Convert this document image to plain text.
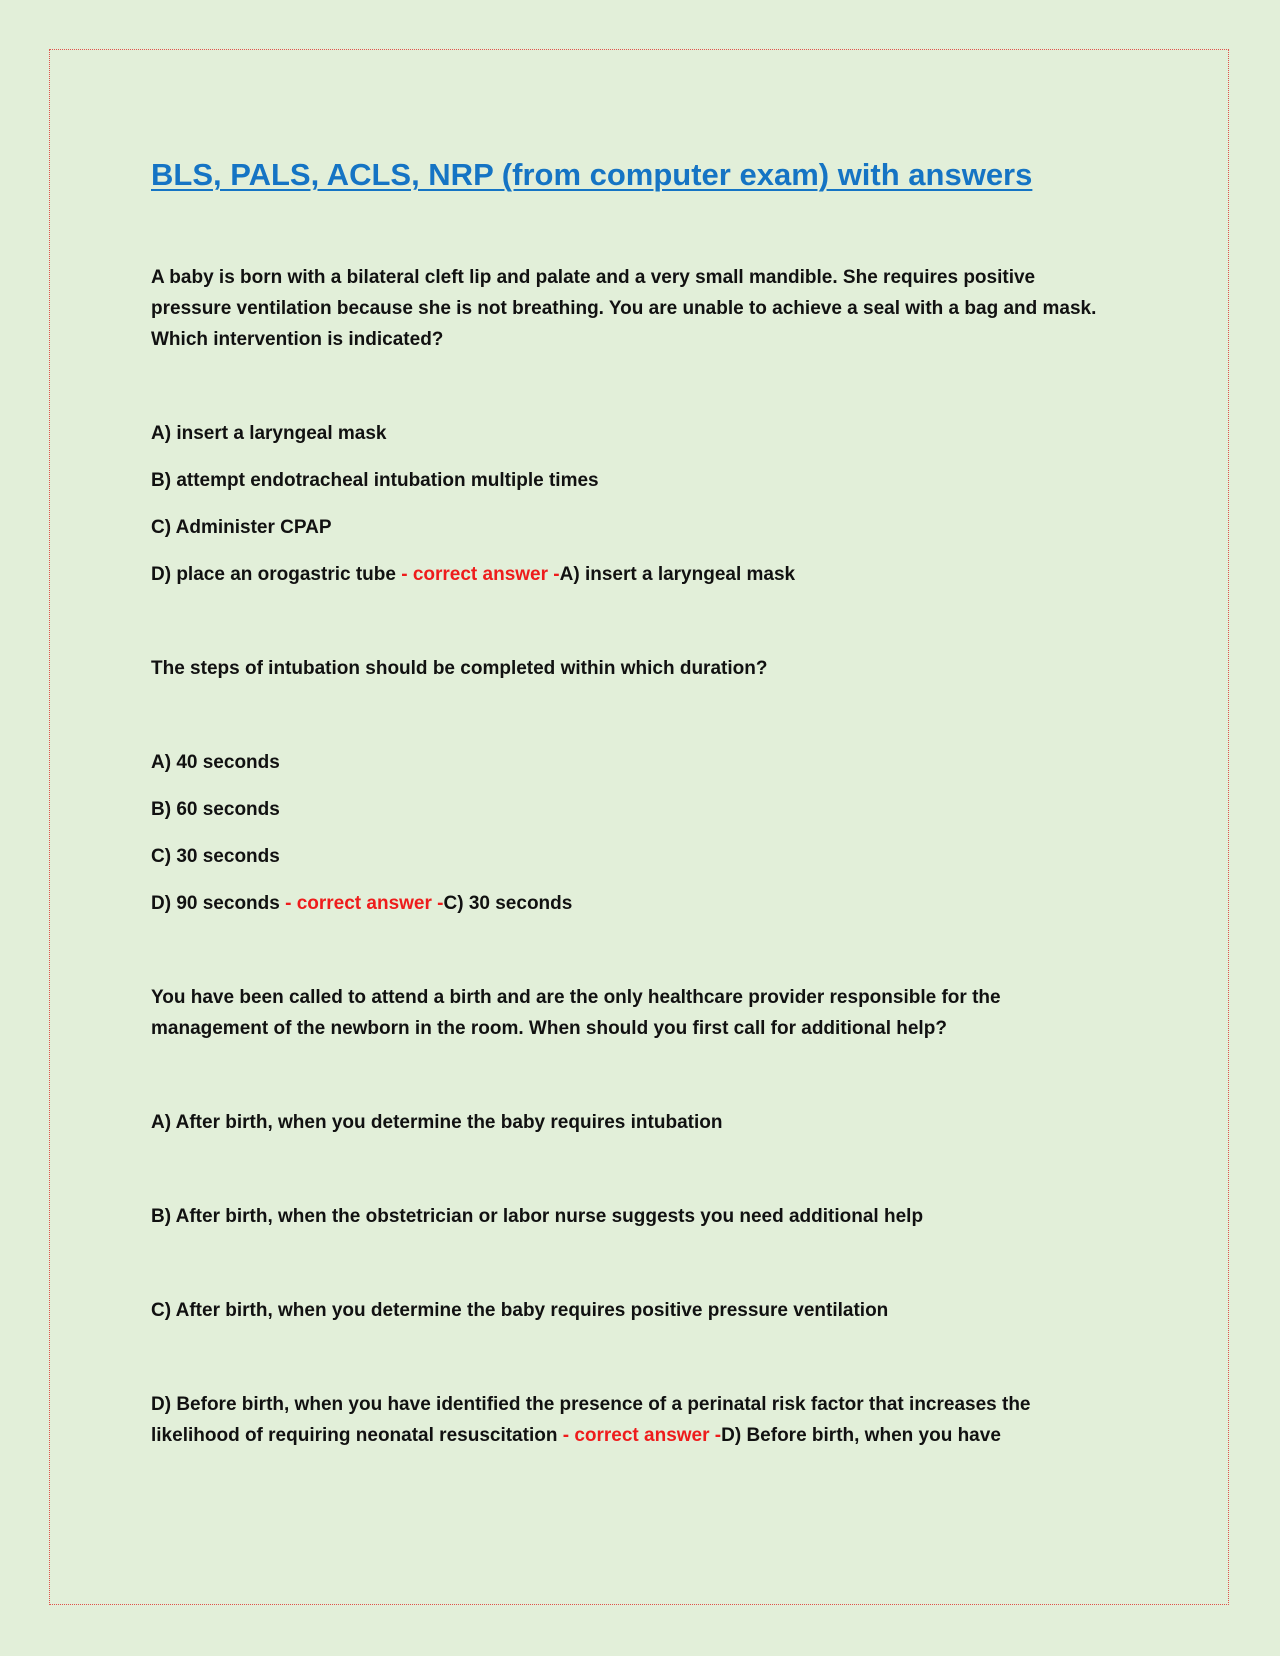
BLS, PALS, ACLS, NRP (from computer exam) with answers

A baby is born with a bilateral cleft lip and palate and a very small mandible. She requires positive pressure ventilation because she is not breathing. You are unable to achieve a seal with a bag and mask. Which intervention is indicated?

A) insert a laryngeal mask

B) attempt endotracheal intubation multiple times

C) Administer CPAP

D) place an orogastric tube - correct answer -A) insert a laryngeal mask

The steps of intubation should be completed within which duration?

A) 40 seconds

B) 60 seconds

C) 30 seconds

D) 90 seconds - correct answer -C) 30 seconds

You have been called to attend a birth and are the only healthcare provider responsible for the management of the newborn in the room. When should you first call for additional help?

A) After birth, when you determine the baby requires intubation

B) After birth, when the obstetrician or labor nurse suggests you need additional help

C) After birth, when you determine the baby requires positive pressure ventilation

D) Before birth, when you have identified the presence of a perinatal risk factor that increases the likelihood of requiring neonatal resuscitation - correct answer -D) Before birth, when you have
